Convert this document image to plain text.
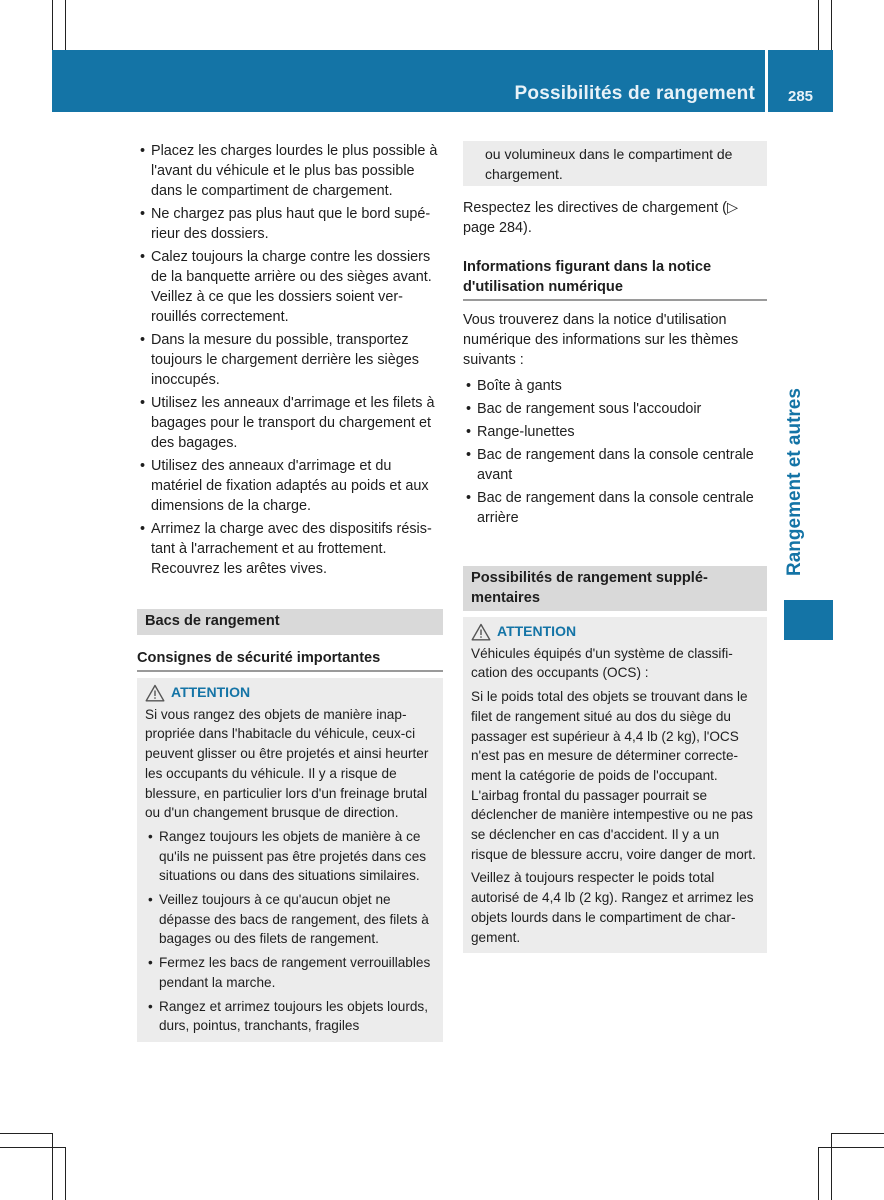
Possibilités de rangement	285
Rangement et autres
• Placez les charges lourdes le plus possible à l'avant du véhicule et le plus bas possible dans le compartiment de chargement.
• Ne chargez pas plus haut que le bord supérieur des dossiers.
• Calez toujours la charge contre les dossiers de la banquette arrière ou des sièges avant. Veillez à ce que les dossiers soient verrouillés correctement.
• Dans la mesure du possible, transportez toujours le chargement derrière les sièges inoccupés.
• Utilisez les anneaux d'arrimage et les filets à bagages pour le transport du chargement et des bagages.
• Utilisez des anneaux d'arrimage et du matériel de fixation adaptés au poids et aux dimensions de la charge.
• Arrimez la charge avec des dispositifs résistant à l'arrachement et au frottement. Recouvrez les arêtes vives.
Bacs de rangement
Consignes de sécurité importantes
ATTENTION

Si vous rangez des objets de manière inappropriée dans l'habitacle du véhicule, ceux-ci peuvent glisser ou être projetés et ainsi heurter les occupants du véhicule. Il y a risque de blessure, en particulier lors d'un freinage brutal ou d'un changement brusque de direction.

• Rangez toujours les objets de manière à ce qu'ils ne puissent pas être projetés dans ces situations ou dans des situations similaires.
• Veillez toujours à ce qu'aucun objet ne dépasse des bacs de rangement, des filets à bagages ou des filets de rangement.
• Fermez les bacs de rangement verrouillables pendant la marche.
• Rangez et arrimez toujours les objets lourds, durs, pointus, tranchants, fragiles
ou volumineux dans le compartiment de chargement.

Respectez les directives de chargement (▷ page 284).

Informations figurant dans la notice d'utilisation numérique

Vous trouverez dans la notice d'utilisation numérique des informations sur les thèmes suivants :

• Boîte à gants
• Bac de rangement sous l'accoudoir
• Range-lunettes
• Bac de rangement dans la console centrale avant
• Bac de rangement dans la console centrale arrière
Possibilités de rangement supplémentaires
ATTENTION

Véhicules équipés d'un système de classification des occupants (OCS) :

Si le poids total des objets se trouvant dans le filet de rangement situé au dos du siège du passager est supérieur à 4,4 lb (2 kg), l'OCS n'est pas en mesure de déterminer correctement la catégorie de poids de l'occupant. L'airbag frontal du passager pourrait se déclencher de manière intempestive ou ne pas se déclencher en cas d'accident. Il y a un risque de blessure accru, voire danger de mort.

Veillez à toujours respecter le poids total autorisé de 4,4 lb (2 kg). Rangez et arrimez les objets lourds dans le compartiment de chargement.
